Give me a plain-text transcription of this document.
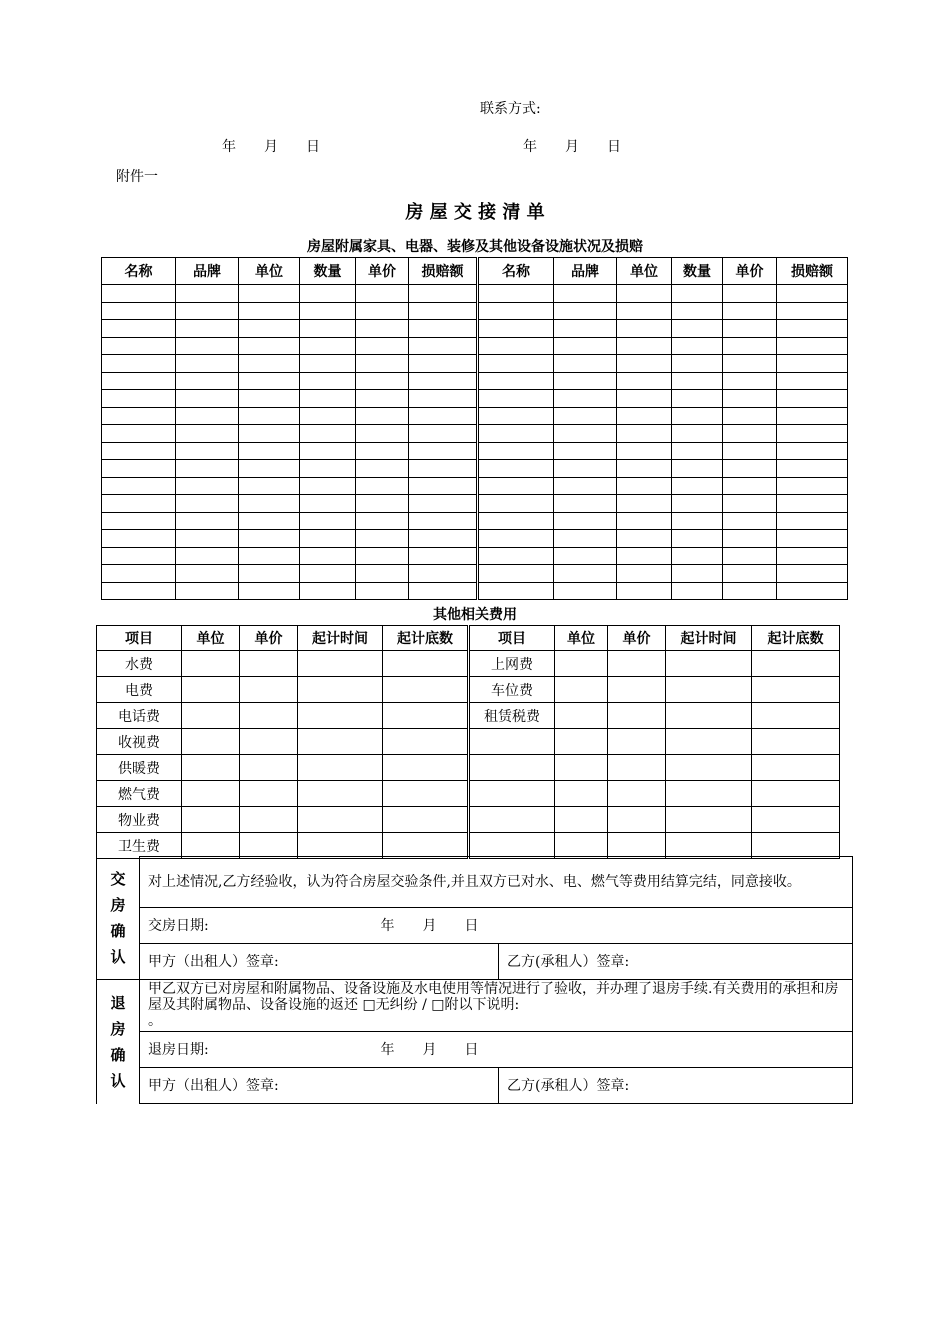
联系方式:
年　　月　　日	年　　月　　日
附件一
房 屋 交 接 清 单
房屋附属家具、电器、装修及其他设备设施状况及损赔
名称	品牌	单位	数量	单价	损赔额	名称	品牌	单位	数量	单价	损赔额

其他相关费用
项目	单位	单价	起计时间	起计底数	项目	单位	单价	起计时间	起计底数
水费					上网费				
电费					车位费				
电话费					租赁税费				
收视费									
供暖费									
燃气费									
物业费									
卫生费									
交
房
确
认	对上述情况,乙方经验收，认为符合房屋交验条件,并且双方已对水、电、燃气等费用结算完结，同意接收。	
	交房日期: 年　　月　　日	

	甲方（出租人）签章:	乙方(承租人）签章:
退
房
确
认	甲乙双方已对房屋和附属物品、设备设施及水电使用等情况进行了验收，并办理了退房手续.有关费用的承担和房屋及其附属物品、设备设施的返还 □无纠纷 / □附以下说明:
。	
	退房日期: 年　　月　　日	

	甲方（出租人）签章:	乙方(承租人）签章:
